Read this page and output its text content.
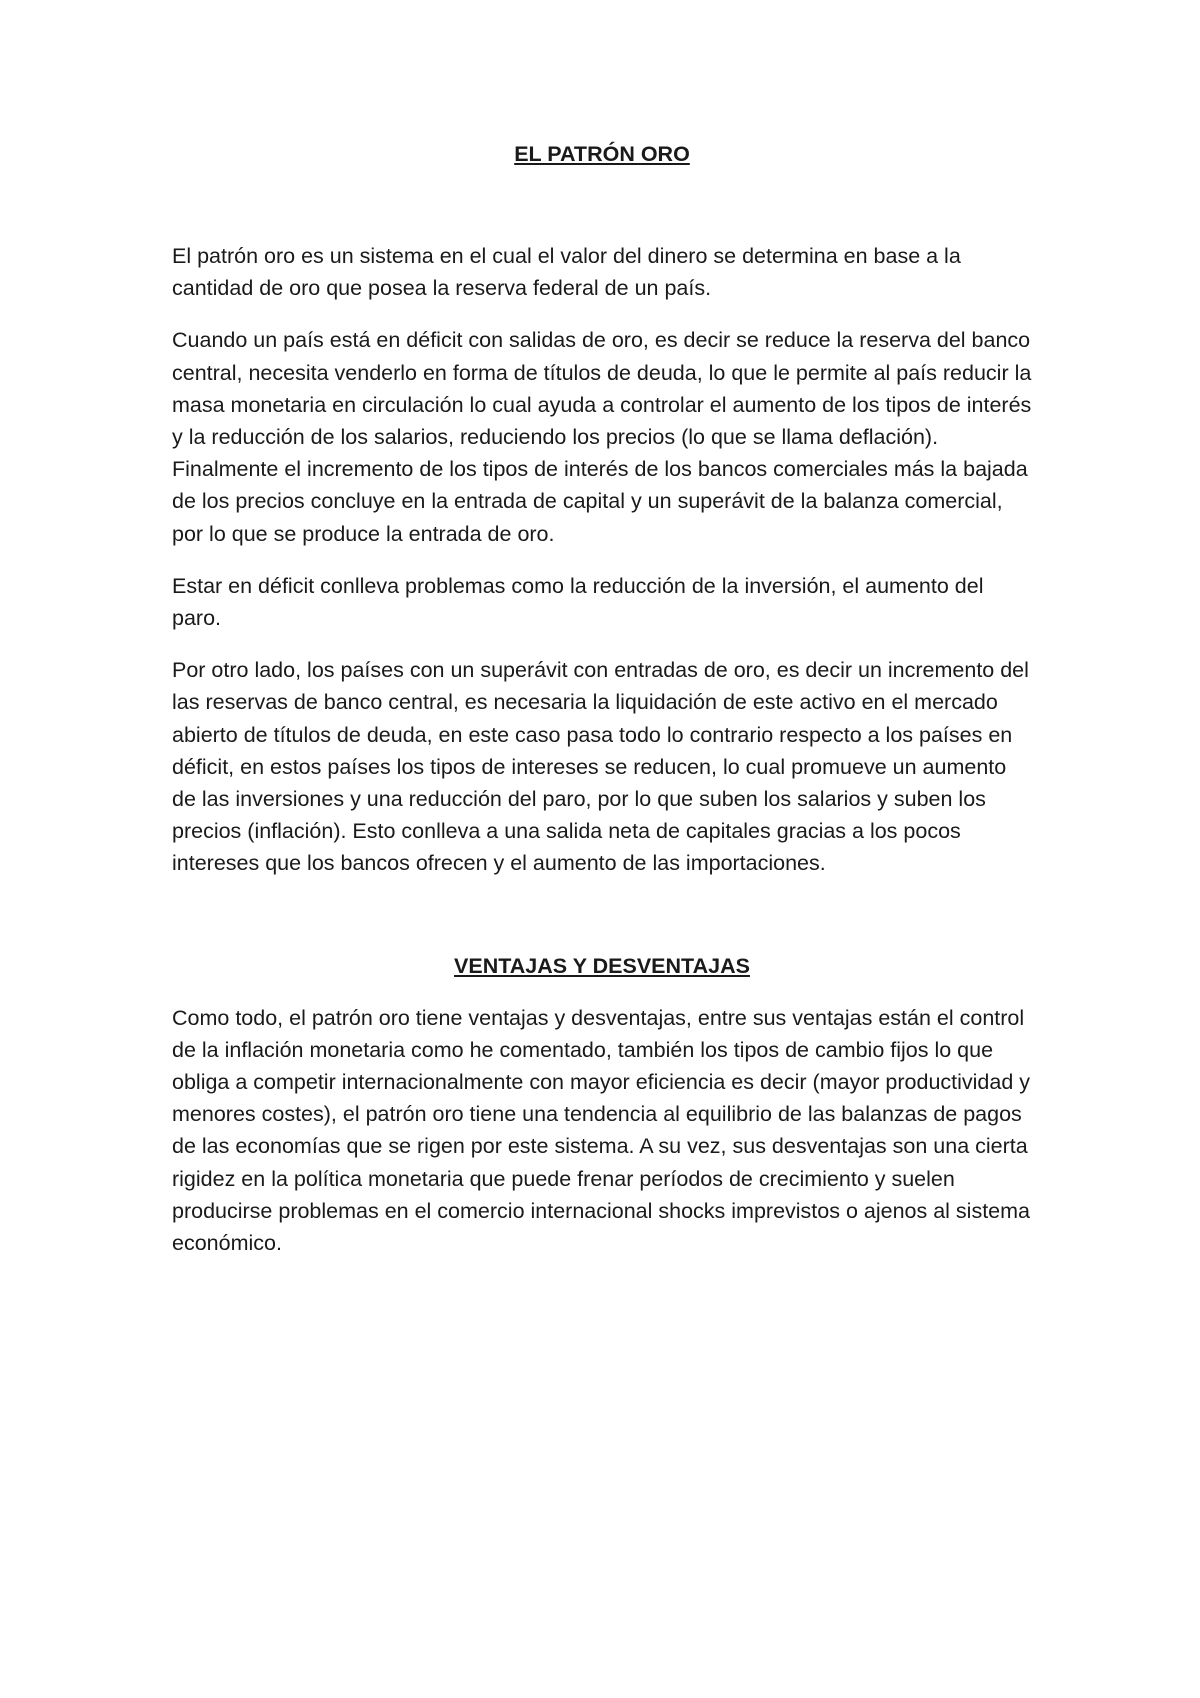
EL PATRÓN ORO

El patrón oro es un sistema en el cual el valor del dinero se determina en base a la cantidad de oro que posea la reserva federal de un país.

Cuando un país está en déficit con salidas de oro, es decir se reduce la reserva del banco central, necesita venderlo en forma de títulos de deuda, lo que le permite al país reducir la masa monetaria en circulación lo cual ayuda a controlar el aumento de los tipos de interés y la reducción de los salarios, reduciendo los precios (lo que se llama deflación). Finalmente el incremento de los tipos de interés de los bancos comerciales más la bajada de los precios concluye en la entrada de capital y un superávit de la balanza comercial, por lo que se produce la entrada de oro.

Estar en déficit conlleva problemas como la reducción de la inversión, el aumento del paro.

Por otro lado, los países con un superávit con entradas de oro, es decir un incremento del las reservas de banco central, es necesaria la liquidación de este activo en el mercado abierto de títulos de deuda, en este caso pasa todo lo contrario respecto a los países en déficit, en estos países los tipos de intereses se reducen, lo cual promueve un aumento de las inversiones y una reducción del paro, por lo que suben los salarios y suben los precios (inflación). Esto conlleva a una salida neta de capitales gracias a los pocos intereses que los bancos ofrecen y el aumento de las importaciones.

VENTAJAS Y DESVENTAJAS

Como todo, el patrón oro tiene ventajas y desventajas, entre sus ventajas están el control de la inflación monetaria como he comentado, también los tipos de cambio fijos lo que obliga a competir internacionalmente con mayor eficiencia es decir (mayor productividad y menores costes), el patrón oro tiene una tendencia al equilibrio de las balanzas de pagos de las economías que se rigen por este sistema. A su vez, sus desventajas son una cierta rigidez en la política monetaria que puede frenar períodos de crecimiento y suelen producirse problemas en el comercio internacional shocks imprevistos o ajenos al sistema económico.
